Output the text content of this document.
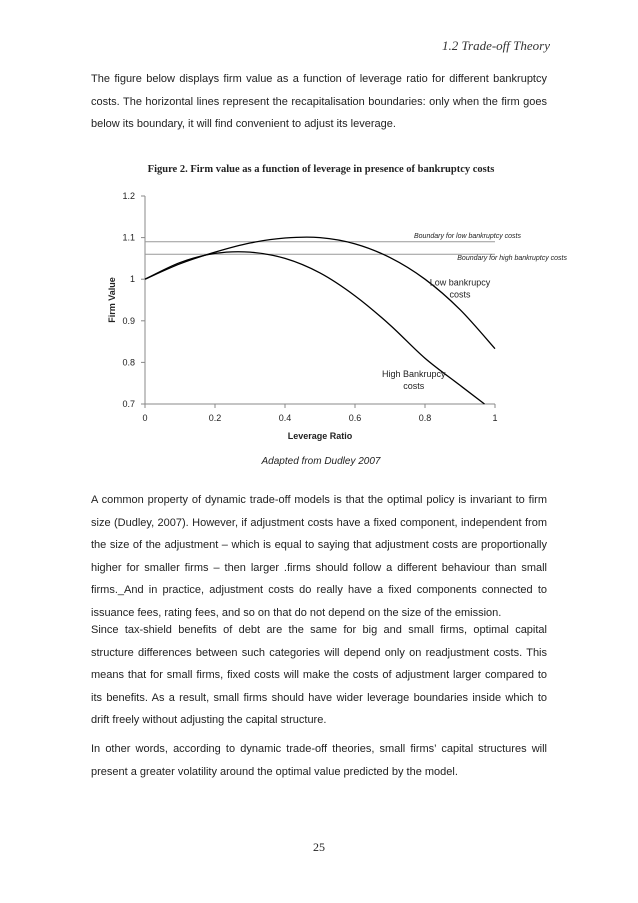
1.2 Trade-off Theory

The figure below displays firm value as a function of leverage ratio for different bankruptcy costs. The horizontal lines represent the recapitalisation boundaries: only when the firm goes below its boundary, it will find convenient to adjust its leverage.

1.2
1.1
1
0.9
0.8
0.7
0	0.2	0.4	0.6	0.8	1
Leverage Ratio
Firm Value
Boundary for low bankruptcy costs
Boundary for high bankruptcy costs
Low bankrupcy
costs
High Bankrupcy
costs
Figure 2. Firm value as a function of leverage in presence of bankruptcy costs
Adapted from Dudley 2007

A common property of dynamic trade-off models is that the optimal policy is invariant to firm size (Dudley, 2007). However, if adjustment costs have a fixed component, independent from the size of the adjustment – which is equal to saying that adjustment costs are proportionally higher for smaller firms – then larger .firms should follow a different behaviour than small firms._And in practice, adjustment costs do really have a fixed components connected to issuance fees, rating fees, and so on that do not depend on the size of the emission.

Since tax-shield benefits of debt are the same for big and small firms, optimal capital structure differences between such categories will depend only on readjustment costs. This means that for small firms, fixed costs will make the costs of adjustment larger compared to its benefits. As a result, small firms should have wider leverage boundaries inside which to drift freely without adjusting the capital structure.

In other words, according to dynamic trade-off theories, small firms’ capital structures will present a greater volatility around the optimal value predicted by the model.

25
